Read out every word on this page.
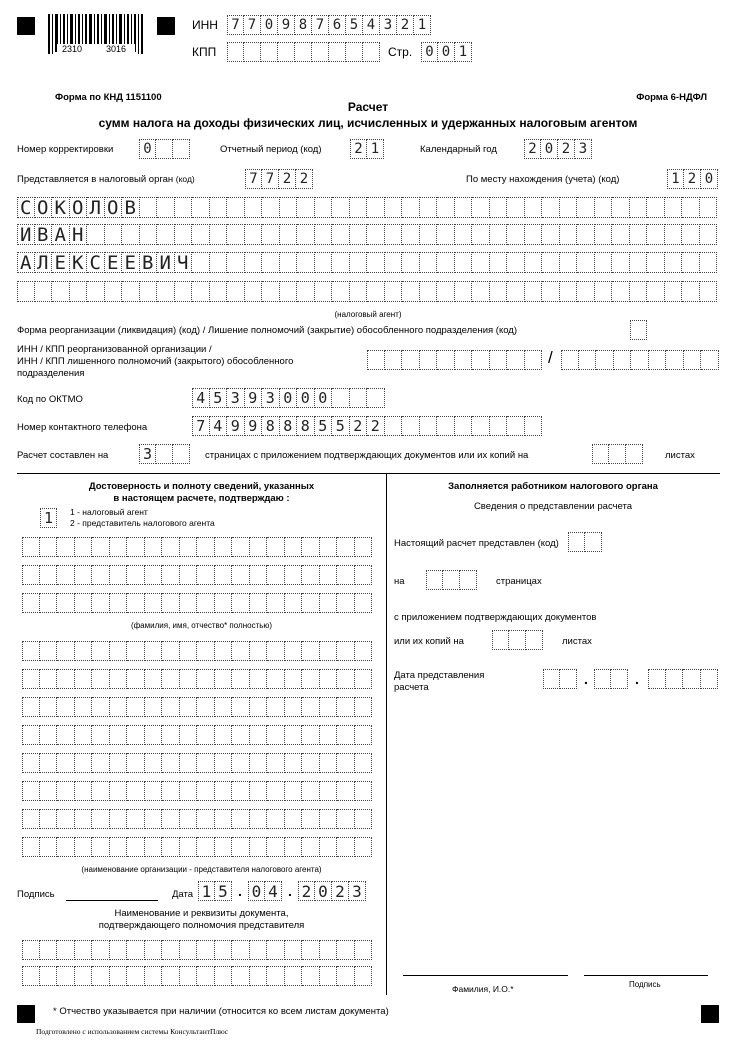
2310	3016
ИНН 7 7 0 9 8 7 6 5 4 3 2 1
КПП	Стр. 0 0 1
Форма по КНД 1151100	Форма 6-НДФЛ
Расчет
сумм налога на доходы физических лиц, исчисленных и удержанных налоговым агентом
Номер корректировки	0	Отчетный период (код)	2 1	Календарный год	2 0 2 3
Представляется в налоговый орган (код)	7 7 2 2	По месту нахождения (учета) (код)	1 2 0
С О К О Л О В
И В А Н
А Л Е К С Е Е В И Ч
(налоговый агент)
Форма реорганизации (ликвидация) (код) / Лишение полномочий (закрытие) обособленного подразделения (код)
ИНН / КПП реорганизованной организации /
ИНН / КПП лишенного полномочий (закрытого) обособленного
подразделения
/
Код по ОКТМО	4 5 3 9 3 0 0 0
Номер контактного телефона	7 4 9 9 8 8 8 5 5 2 2
Расчет составлен на 3	страницах с приложением подтверждающих документов или их копий на	листах
Достоверность и полноту сведений, указанных
в настоящем расчете, подтверждаю :
1	1 - налоговый агент
2 - представитель налогового агента
(фамилия, имя, отчество* полностью)
(наименование организации - представителя налогового агента)
Подпись	Дата 1 5 . 0 4 . 2 0 2 3
Наименование и реквизиты документа,
подтверждающего полномочия представителя
Заполняется работником налогового органа
Сведения о представлении расчета
Настоящий расчет представлен (код)
на	страницах
с приложением подтверждающих документов
или их копий на	листах
Дата представления
расчета
.	.
Фамилия, И.О.*	Подпись
* Отчество указывается при наличии (относится ко всем листам документа)
Подготовлено с использованием системы КонсультантПлюс
